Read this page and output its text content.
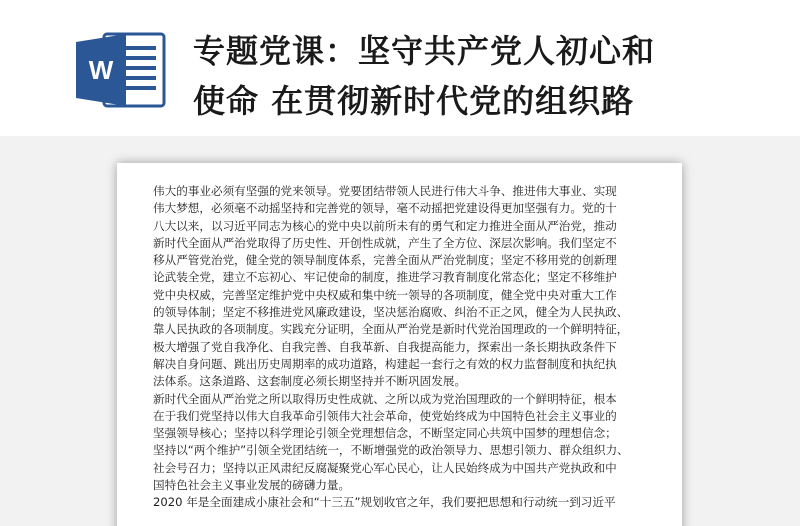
W 专题党课：坚守共产党人初心和
使命 在贯彻新时代党的组织路
伟大的事业必须有坚强的党来领导。党要团结带领人民进行伟大斗争、推进伟大事业、实现
伟大梦想，必须毫不动摇坚持和完善党的领导，毫不动摇把党建设得更加坚强有力。党的十
八大以来，以习近平同志为核心的党中央以前所未有的勇气和定力推进全面从严治党，推动
新时代全面从严治党取得了历史性、开创性成就，产生了全方位、深层次影响。我们坚定不
移从严管党治党，健全党的领导制度体系，完善全面从严治党制度；坚定不移用党的创新理
论武装全党，建立不忘初心、牢记使命的制度，推进学习教育制度化常态化；坚定不移维护
党中央权威，完善坚定维护党中央权威和集中统一领导的各项制度，健全党中央对重大工作
的领导体制；坚定不移推进党风廉政建设，坚决惩治腐败、纠治不正之风，健全为人民执政、
靠人民执政的各项制度。实践充分证明，全面从严治党是新时代党治国理政的一个鲜明特征，
极大增强了党自我净化、自我完善、自我革新、自我提高能力，探索出一条长期执政条件下
解决自身问题、跳出历史周期率的成功道路，构建起一套行之有效的权力监督制度和执纪执
法体系。这条道路、这套制度必须长期坚持并不断巩固发展。
新时代全面从严治党之所以取得历史性成就、之所以成为党治国理政的一个鲜明特征，根本
在于我们党坚持以伟大自我革命引领伟大社会革命，使党始终成为中国特色社会主义事业的
坚强领导核心；坚持以科学理论引领全党理想信念，不断坚定同心共筑中国梦的理想信念；
坚持以“两个维护”引领全党团结统一，不断增强党的政治领导力、思想引领力、群众组织力、
社会号召力；坚持以正风肃纪反腐凝聚党心军心民心，让人民始终成为中国共产党执政和中
国特色社会主义事业发展的磅礴力量。
2020 年是全面建成小康社会和“十三五”规划收官之年，我们要把思想和行动统一到习近平
